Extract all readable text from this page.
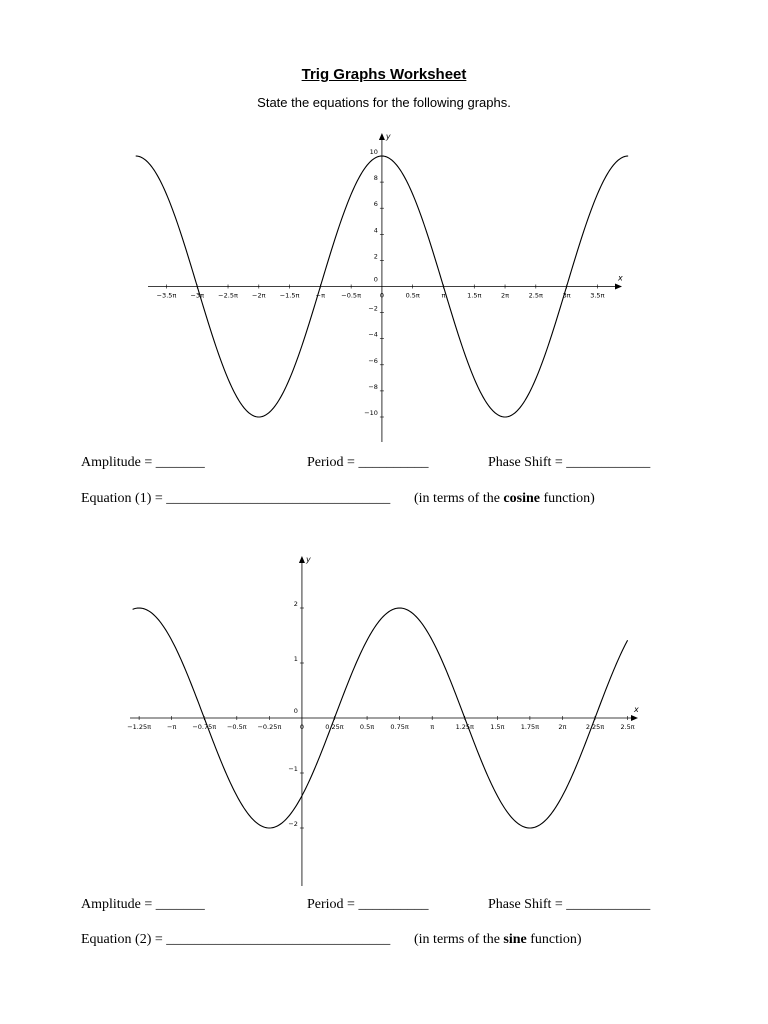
Trig Graphs Worksheet
State the equations for the following graphs.
x
y
−3.5π −3π −2.5π −2π −1.5π −π −0.5π	0	0.5π	π	1.5π	2π	2.5π	3π	3.5π
10
8
6
4
2
0
−2
−4
−6
−8
−10
Amplitude = _______	Period = __________	Phase Shift = ____________
Equation (1) = ________________________________ (in terms of the cosine function)
x
y
−1.25π −π −0.75π −0.5π −0.25π	0	0.25π 0.5π 0.75π	π	1.25π 1.5π 1.75π	2π	2.25π 2.5π
2
1
0
−1
−2
Amplitude = _______	Period = __________	Phase Shift = ____________
Equation (2) = ________________________________ (in terms of the sine function)
